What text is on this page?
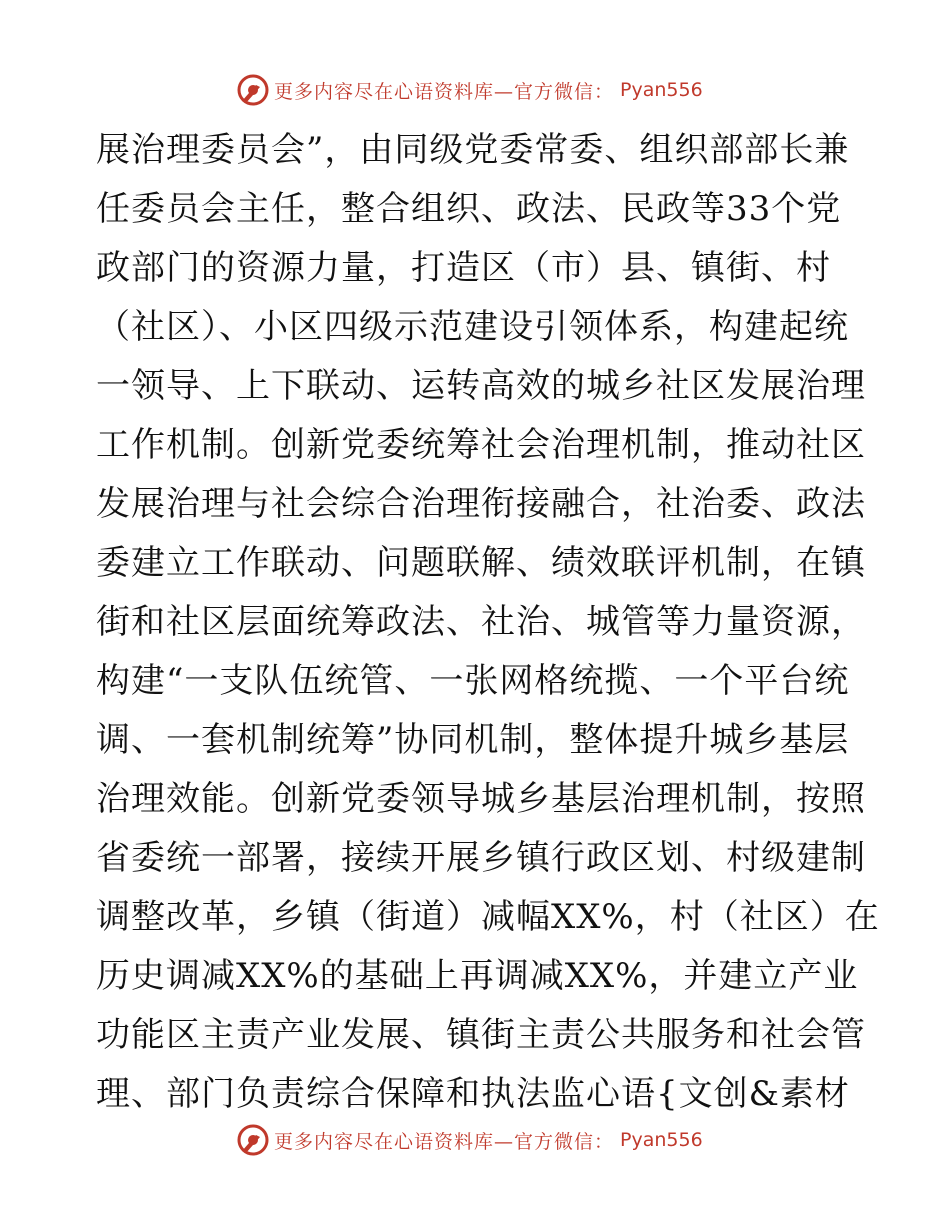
更多内容尽在心语资料库—官方微信： Pyan556
展治理委员会”，由同级党委常委、组织部部长兼
任委员会主任，整合组织、政法、民政等33个党
政部门的资源力量，打造区（市）县、镇街、村
（社区）、小区四级示范建设引领体系，构建起统
一领导、上下联动、运转高效的城乡社区发展治理
工作机制。创新党委统筹社会治理机制，推动社区
发展治理与社会综合治理衔接融合，社治委、政法
委建立工作联动、问题联解、绩效联评机制，在镇
街和社区层面统筹政法、社治、城管等力量资源，
构建“一支队伍统管、一张网格统揽、一个平台统
调、一套机制统筹”协同机制，整体提升城乡基层
治理效能。创新党委领导城乡基层治理机制，按照
省委统一部署，接续开展乡镇行政区划、村级建制
调整改革，乡镇（街道）减幅XX%，村（社区）在
历史调减XX%的基础上再调减XX%，并建立产业
功能区主责产业发展、镇街主责公共服务和社会管
理、部门负责综合保障和执法监心语{文创&素材
更多内容尽在心语资料库—官方微信： Pyan556
